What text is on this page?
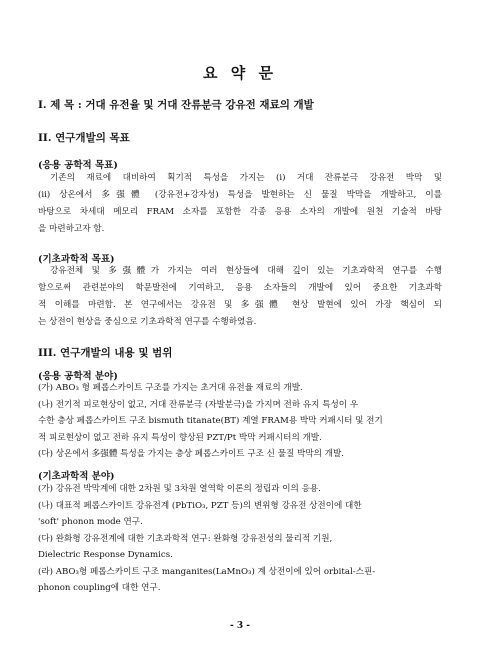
요 약 문
I. 제 목 : 거대 유전율 및 거대 잔류분극 강유전 재료의 개발
II. 연구개발의 목표
(응용 공학적 목표)
기존의 재료에 대비하여 획기적 특성을 가지는 (i) 거대 잔류분극 강유전 박막 및
(ii) 상온에서 多强體 (강유전+강자성) 특성을 발현하는 신 물질 박막을 개발하고, 이를
바탕으로 차세대 메모리 FRAM 소자를 포함한 각종 응용 소자의 개발에 원천 기술적 바탕
을 마련하고자 함.
(기초과학적 목표)
강유전체 및 多强體가 가지는 여러 현상들에 대해 깊이 있는 기초과학적 연구를 수행
함으로써 관련분야의 학문발전에 기여하고, 응용 소자들의 개발에 있어 중요한 기초과학
적 이해를 마련함. 본 연구에서는 강유전 및 多强體 현상 발현에 있어 가장 핵심이 되
는 상전이 현상을 중심으로 기초과학적 연구를 수행하였음.
III. 연구개발의 내용 및 범위
(응용 공학적 분야)
(가) ABO₃ 형 페롭스카이트 구조를 가지는 초거대 유전율 재료의 개발.
(나) 전기적 피로현상이 없고, 거대 잔류분극 (자발분극)을 가지며 전하 유지 특성이 우
수한 층상 페롭스카이트 구조 bismuth titanate(BT) 계열 FRAM용 박막 커패시터 및 전기
적 피로현상이 없고 전하 유지 특성이 향상된 PZT/Pt 박막 커패시터의 개발.
(다) 상온에서 多强體 특성을 가지는 층상 페롭스카이트 구조 신 물질 박막의 개발.
(기초과학적 분야)
(가) 강유전 박막계에 대한 2차원 및 3차원 열역학 이론의 정립과 이의 응용.
(나) 대표적 페롭스카이트 강유전계 (PbTiO₃, PZT 등)의 변위형 강유전 상전이에 대한
'soft' phonon mode 연구.
(다) 완화형 강유전계에 대한 기초과학적 연구: 완화형 강유전성의 물리적 기원,
Dielectric Response Dynamics.
(라) ABO₃형 페롭스카이트 구조 manganites(LaMnO₃) 계 상전이에 있어 orbital-스핀-
phonon coupling에 대한 연구.
- 3 -
